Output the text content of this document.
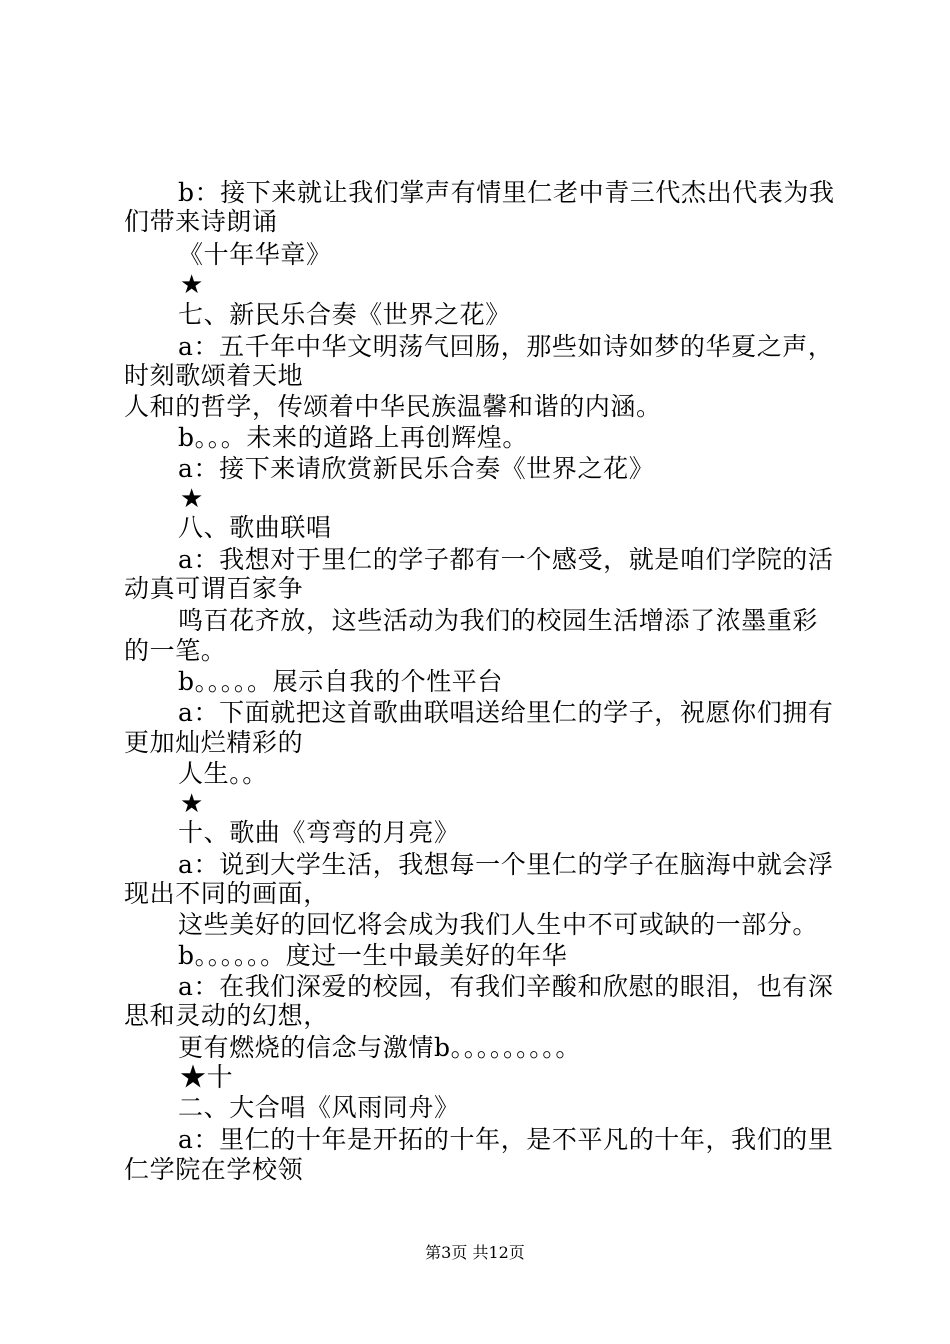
b：接下来就让我们掌声有情里仁老中青三代杰出代表为我
们带来诗朗诵
《十年华章》
★
七、新民乐合奏《世界之花》
a：五千年中华文明荡气回肠，那些如诗如梦的华夏之声，
时刻歌颂着天地
人和的哲学，传颂着中华民族温馨和谐的内涵。
b。。。未来的道路上再创辉煌。
a：接下来请欣赏新民乐合奏《世界之花》
★
八、歌曲联唱
a：我想对于里仁的学子都有一个感受，就是咱们学院的活
动真可谓百家争
鸣百花齐放，这些活动为我们的校园生活增添了浓墨重彩
的一笔。
b。。。。。展示自我的个性平台
a：下面就把这首歌曲联唱送给里仁的学子，祝愿你们拥有
更加灿烂精彩的
人生。。
★
十、歌曲《弯弯的月亮》
a：说到大学生活，我想每一个里仁的学子在脑海中就会浮
现出不同的画面，
这些美好的回忆将会成为我们人生中不可或缺的一部分。
b。。。。。。度过一生中最美好的年华
a：在我们深爱的校园，有我们辛酸和欣慰的眼泪，也有深
思和灵动的幻想，
更有燃烧的信念与激情b。。。。。。。。。
★十
二、大合唱《风雨同舟》
a：里仁的十年是开拓的十年，是不平凡的十年，我们的里
仁学院在学校领
第3页 共12页
